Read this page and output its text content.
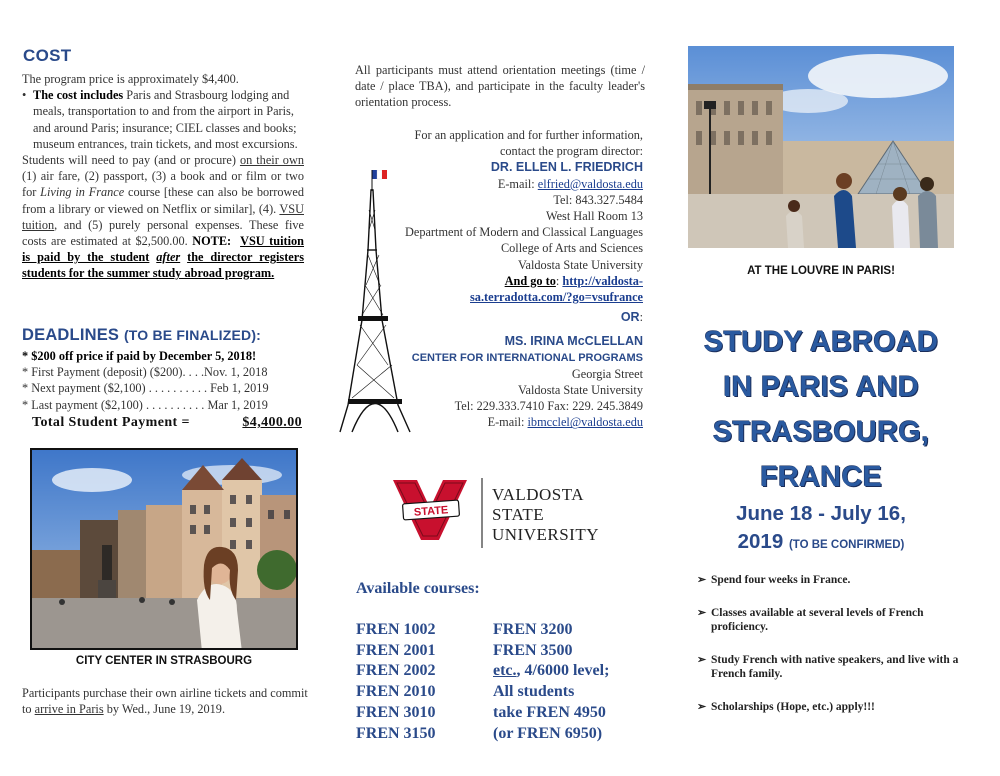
COST

The program price is approximately $4,400.

• The cost includes Paris and Strasbourg lodging and meals, transportation to and from the airport in Paris, and around Paris; insurance; CIEL classes and books; museum entrances, train tickets, and most excursions.

Students will need to pay (and or procure) on their own (1) air fare, (2) passport, (3) a book and or film or two for Living in France course [these can also be borrowed from a library or viewed on Netflix or similar], (4). VSU tuition, and (5) purely personal expenses. These five costs are estimated at $2,500.00. NOTE: VSU tuition is paid by the student after the director registers students for the summer study abroad program.

DEADLINES (TO BE FINALIZED):
* $200 off price if paid by December 5, 2018!
* First Payment (deposit) ($200). . . .Nov. 1, 2018
* Next payment ($2,100) . . . . . . . . . . Feb 1, 2019
* Last payment ($2,100) . . . . . . . . . . Mar 1, 2019
Total Student Payment =	$4,400.00
CITY CENTER IN STRASBOURG
Participants purchase their own airline tickets and commit to arrive in Paris by Wed., June 19, 2019.
All participants must attend orientation meetings (time / date / place TBA), and participate in the faculty leader's orientation process.
For an application and for further information,
contact the program director:
DR. ELLEN L. FRIEDRICH
E-mail: elfried@valdosta.edu
Tel: 843.327.5484
West Hall Room 13
Department of Modern and Classical Languages
College of Arts and Sciences
Valdosta State University
And go to: http://valdosta-
sa.terradotta.com/?go=vsufrance
OR:
MS. IRINA McCLELLAN
CENTER FOR INTERNATIONAL PROGRAMS
Georgia Street
Valdosta State University
Tel: 229.333.7410 Fax: 229. 245.3849
E-mail: ibmcclel@valdosta.edu
STATE
VALDOSTA
STATE
UNIVERSITY
Available courses:
FREN 1002	FREN 3200
FREN 2001	FREN 3500
FREN 2002	etc., 4/6000 level;
FREN 2010	All students
FREN 3010	take FREN 4950
FREN 3150	(or FREN 6950)
AT THE LOUVRE IN PARIS!
STUDY ABROAD
IN PARIS AND
STRASBOURG,
FRANCE
June 18 - July 16,
2019 (TO BE CONFIRMED)
➢ Spend four weeks in France.
➢ Classes available at several levels of French proficiency.
➢ Study French with native speakers, and live with a French family.
➢ Scholarships (Hope, etc.) apply!!!
